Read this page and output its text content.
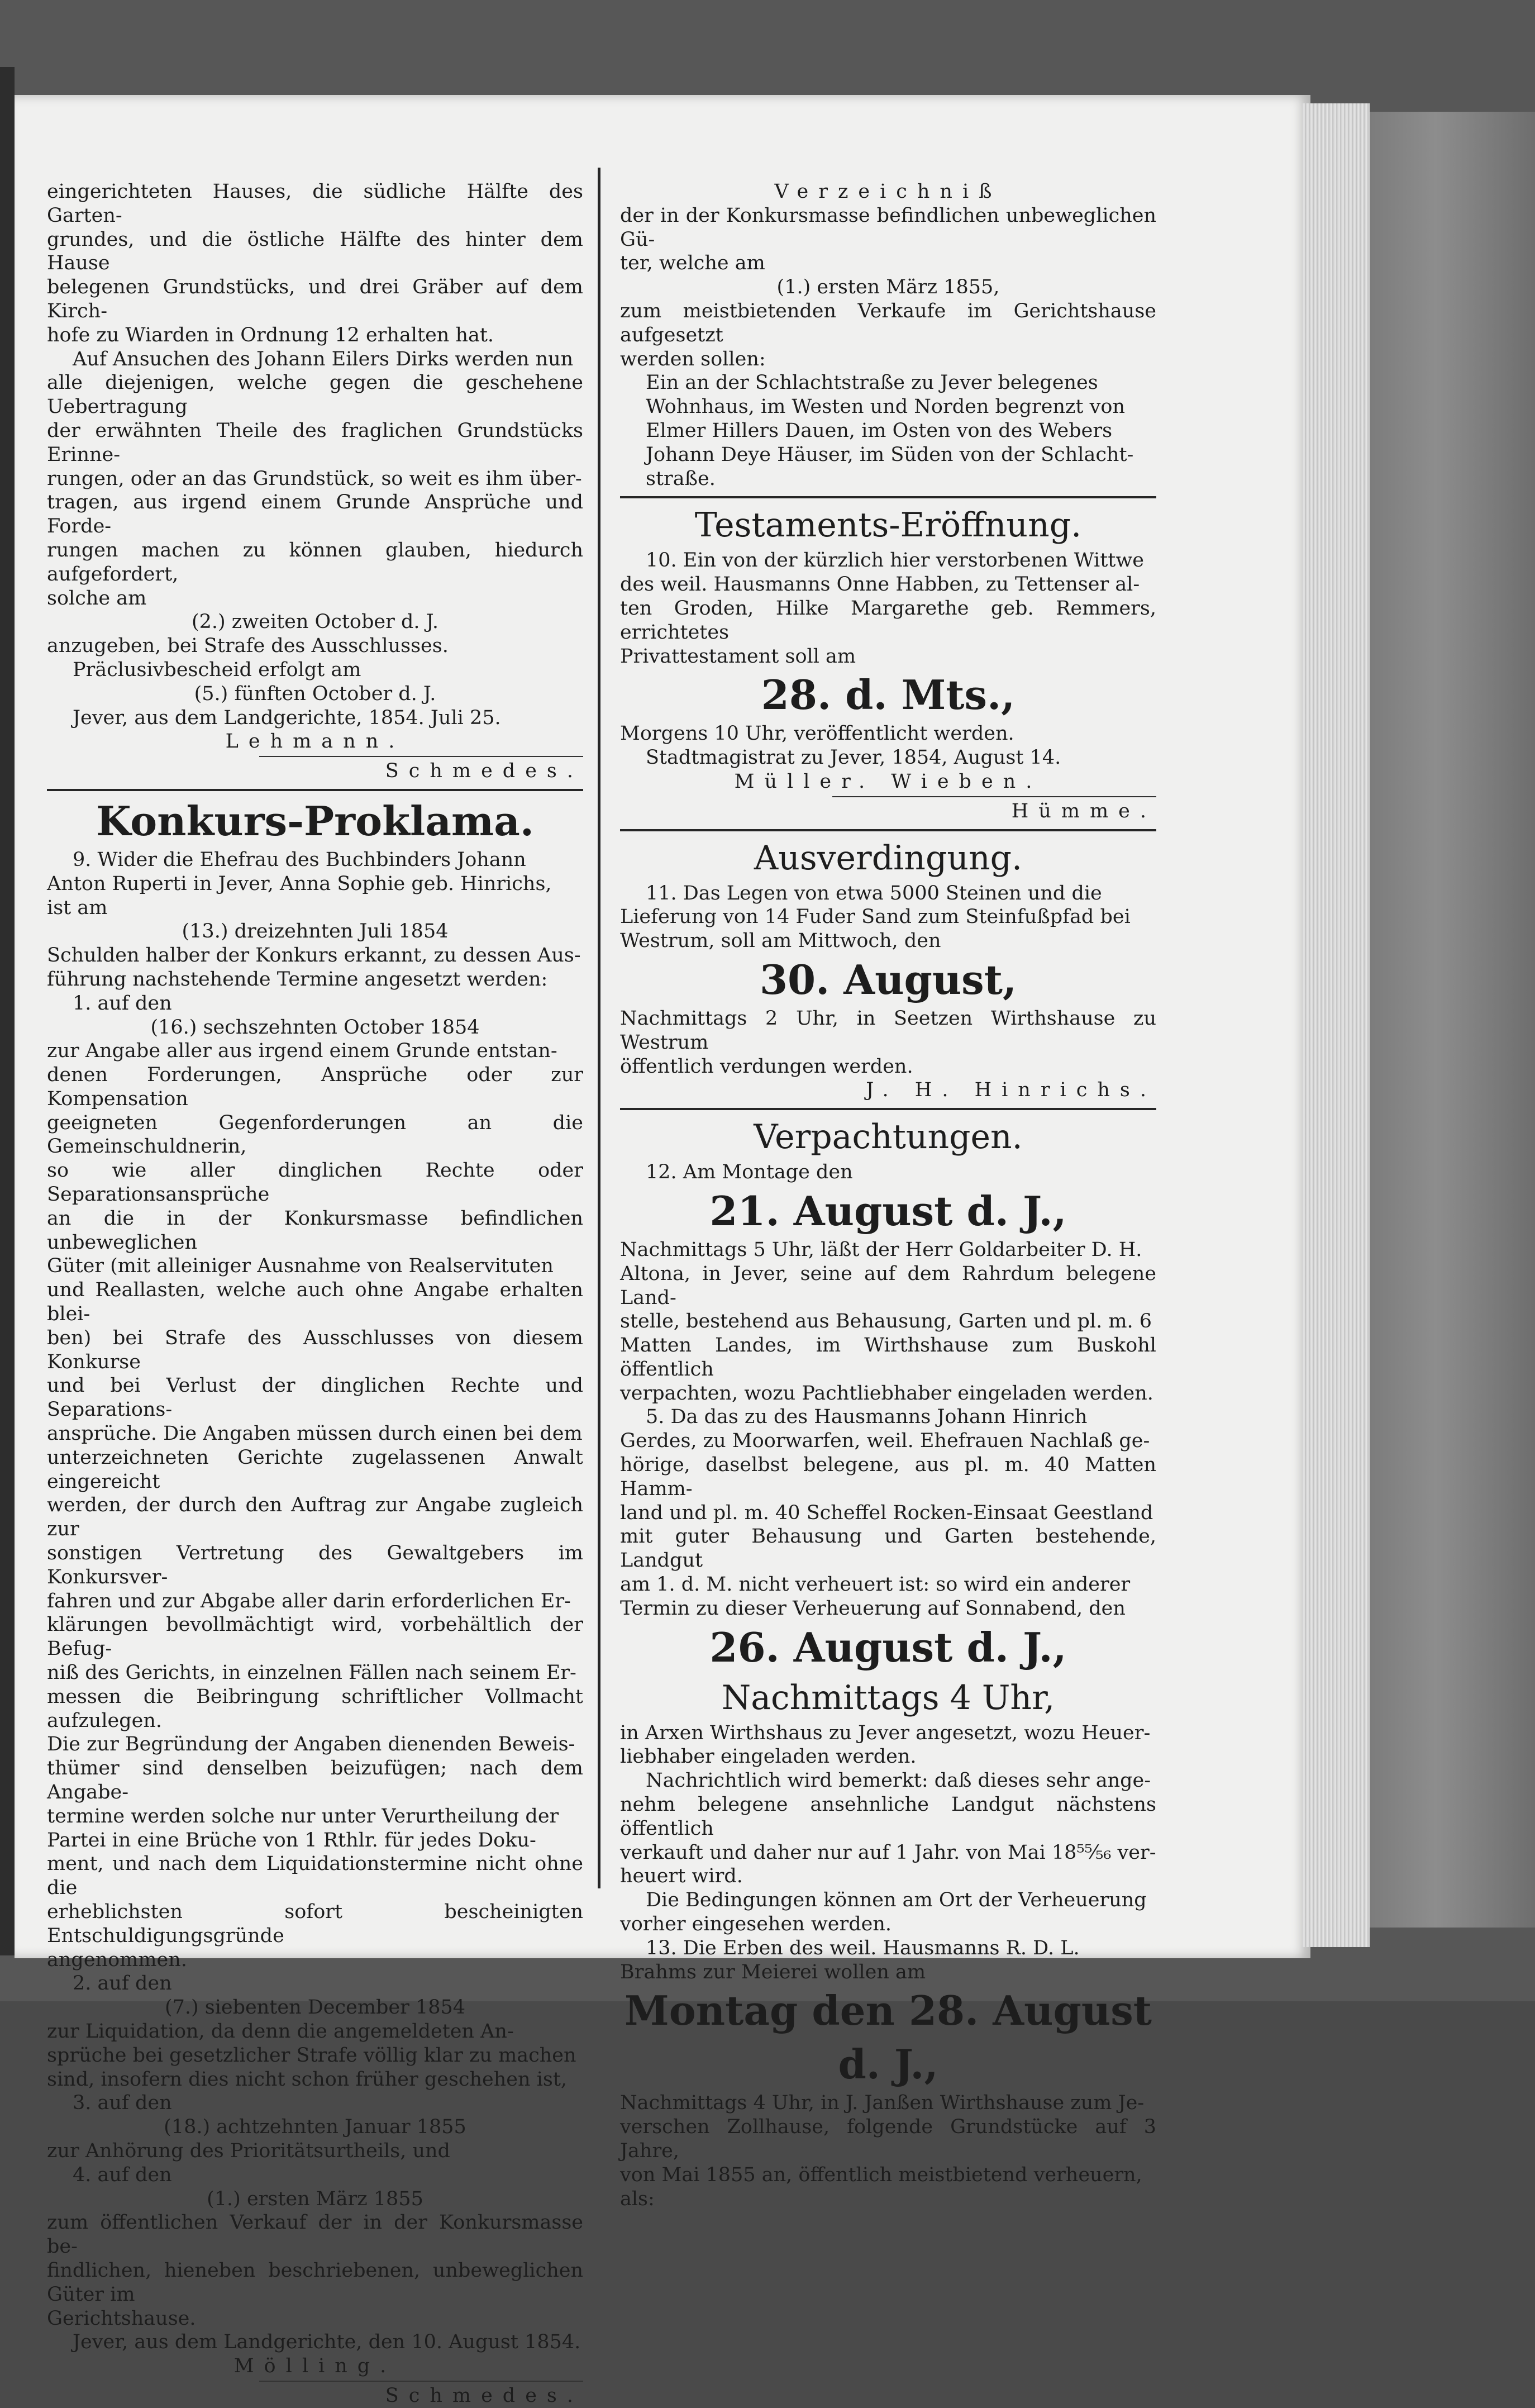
eingerichteten Hauses, die südliche Hälfte des Garten-
grundes, und die östliche Hälfte des hinter dem Hause
belegenen Grundstücks, und drei Gräber auf dem Kirch-
hofe zu Wiarden in Ordnung 12 erhalten hat.
Auf Ansuchen des Johann Eilers Dirks werden nun
alle diejenigen, welche gegen die geschehene Uebertragung
der erwähnten Theile des fraglichen Grundstücks Erinne-
rungen, oder an das Grundstück, so weit es ihm über-
tragen, aus irgend einem Grunde Ansprüche und Forde-
rungen machen zu können glauben, hiedurch aufgefordert,
solche am
(2.) zweiten October d. J.
anzugeben, bei Strafe des Ausschlusses.
Präclusivbescheid erfolgt am
(5.) fünften October d. J.
Jever, aus dem Landgerichte, 1854. Juli 25.
Lehmann.
Schmedes.
Konkurs-Proklama.
9. Wider die Ehefrau des Buchbinders Johann
Anton Ruperti in Jever, Anna Sophie geb. Hinrichs,
ist am
(13.) dreizehnten Juli 1854
Schulden halber der Konkurs erkannt, zu dessen Aus-
führung nachstehende Termine angesetzt werden:
1. auf den
(16.) sechszehnten October 1854
zur Angabe aller aus irgend einem Grunde entstan-
denen Forderungen, Ansprüche oder zur Kompensation
geeigneten Gegenforderungen an die Gemeinschuldnerin,
so wie aller dinglichen Rechte oder Separationsansprüche
an die in der Konkursmasse befindlichen unbeweglichen
Güter (mit alleiniger Ausnahme von Realservituten
und Reallasten, welche auch ohne Angabe erhalten blei-
ben) bei Strafe des Ausschlusses von diesem Konkurse
und bei Verlust der dinglichen Rechte und Separations-
ansprüche. Die Angaben müssen durch einen bei dem
unterzeichneten Gerichte zugelassenen Anwalt eingereicht
werden, der durch den Auftrag zur Angabe zugleich zur
sonstigen Vertretung des Gewaltgebers im Konkursver-
fahren und zur Abgabe aller darin erforderlichen Er-
klärungen bevollmächtigt wird, vorbehältlich der Befug-
niß des Gerichts, in einzelnen Fällen nach seinem Er-
messen die Beibringung schriftlicher Vollmacht aufzulegen.
Die zur Begründung der Angaben dienenden Beweis-
thümer sind denselben beizufügen; nach dem Angabe-
termine werden solche nur unter Verurtheilung der
Partei in eine Brüche von 1 Rthlr. für jedes Doku-
ment, und nach dem Liquidationstermine nicht ohne die
erheblichsten sofort bescheinigten Entschuldigungsgründe
angenommen.
2. auf den
(7.) siebenten December 1854
zur Liquidation, da denn die angemeldeten An-
sprüche bei gesetzlicher Strafe völlig klar zu machen
sind, insofern dies nicht schon früher geschehen ist,
3. auf den
(18.) achtzehnten Januar 1855
zur Anhörung des Prioritätsurtheils, und
4. auf den
(1.) ersten März 1855
zum öffentlichen Verkauf der in der Konkursmasse be-
findlichen, hieneben beschriebenen, unbeweglichen Güter im
Gerichtshause.
Jever, aus dem Landgerichte, den 10. August 1854.
Mölling.
Schmedes.
Verzeichniß
der in der Konkursmasse befindlichen unbeweglichen Gü-
ter, welche am
(1.) ersten März 1855,
zum meistbietenden Verkaufe im Gerichtshause aufgesetzt
werden sollen:
Ein an der Schlachtstraße zu Jever belegenes
Wohnhaus, im Westen und Norden begrenzt von
Elmer Hillers Dauen, im Osten von des Webers
Johann Deye Häuser, im Süden von der Schlacht-
straße.
Testaments-Eröffnung.
10. Ein von der kürzlich hier verstorbenen Wittwe
des weil. Hausmanns Onne Habben, zu Tettenser al-
ten Groden, Hilke Margarethe geb. Remmers, errichtetes
Privattestament soll am
28. d. Mts.,
Morgens 10 Uhr, veröffentlicht werden.
Stadtmagistrat zu Jever, 1854, August 14.
Müller. Wieben.
Hümme.
Ausverdingung.
11. Das Legen von etwa 5000 Steinen und die
Lieferung von 14 Fuder Sand zum Steinfußpfad bei
Westrum, soll am Mittwoch, den
30. August,
Nachmittags 2 Uhr, in Seetzen Wirthshause zu Westrum
öffentlich verdungen werden.
J. H. Hinrichs.
Verpachtungen.
12. Am Montage den
21. August d. J.,
Nachmittags 5 Uhr, läßt der Herr Goldarbeiter D. H.
Altona, in Jever, seine auf dem Rahrdum belegene Land-
stelle, bestehend aus Behausung, Garten und pl. m. 6
Matten Landes, im Wirthshause zum Buskohl öffentlich
verpachten, wozu Pachtliebhaber eingeladen werden.
5. Da das zu des Hausmanns Johann Hinrich
Gerdes, zu Moorwarfen, weil. Ehefrauen Nachlaß ge-
hörige, daselbst belegene, aus pl. m. 40 Matten Hamm-
land und pl. m. 40 Scheffel Rocken-Einsaat Geestland
mit guter Behausung und Garten bestehende, Landgut
am 1. d. M. nicht verheuert ist: so wird ein anderer
Termin zu dieser Verheuerung auf Sonnabend, den
26. August d. J.,
Nachmittags 4 Uhr,
in Arxen Wirthshaus zu Jever angesetzt, wozu Heuer-
liebhaber eingeladen werden.
Nachrichtlich wird bemerkt: daß dieses sehr ange-
nehm belegene ansehnliche Landgut nächstens öffentlich
verkauft und daher nur auf 1 Jahr. von Mai 18⁵⁵⁄₅₆ ver-
heuert wird.
Die Bedingungen können am Ort der Verheuerung
vorher eingesehen werden.
13. Die Erben des weil. Hausmanns R. D. L.
Brahms zur Meierei wollen am
Montag den 28. August d. J.,
Nachmittags 4 Uhr, in J. Janßen Wirthshause zum Je-
verschen Zollhause, folgende Grundstücke auf 3 Jahre,
von Mai 1855 an, öffentlich meistbietend verheuern,
als:
